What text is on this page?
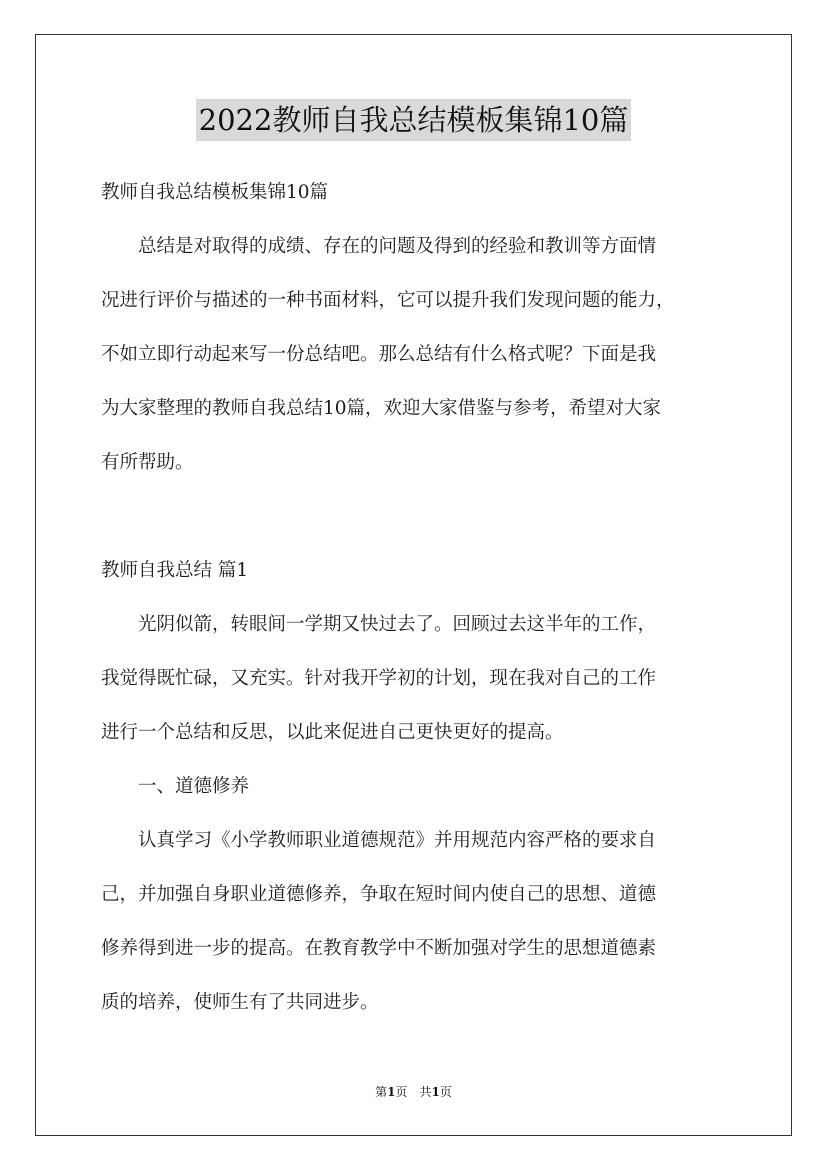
2022教师自我总结模板集锦10篇
教师自我总结模板集锦10篇
　　总结是对取得的成绩、存在的问题及得到的经验和教训等方面情
况进行评价与描述的一种书面材料，它可以提升我们发现问题的能力，
不如立即行动起来写一份总结吧。那么总结有什么格式呢？下面是我
为大家整理的教师自我总结10篇，欢迎大家借鉴与参考，希望对大家
有所帮助。
教师自我总结 篇1
　　光阴似箭，转眼间一学期又快过去了。回顾过去这半年的工作，
我觉得既忙碌，又充实。针对我开学初的计划，现在我对自己的工作
进行一个总结和反思，以此来促进自己更快更好的提高。
　　一、道德修养
　　认真学习《小学教师职业道德规范》并用规范内容严格的要求自
己，并加强自身职业道德修养，争取在短时间内使自己的思想、道德
修养得到进一步的提高。在教育教学中不断加强对学生的思想道德素
质的培养，使师生有了共同进步。
第1页　共1页
